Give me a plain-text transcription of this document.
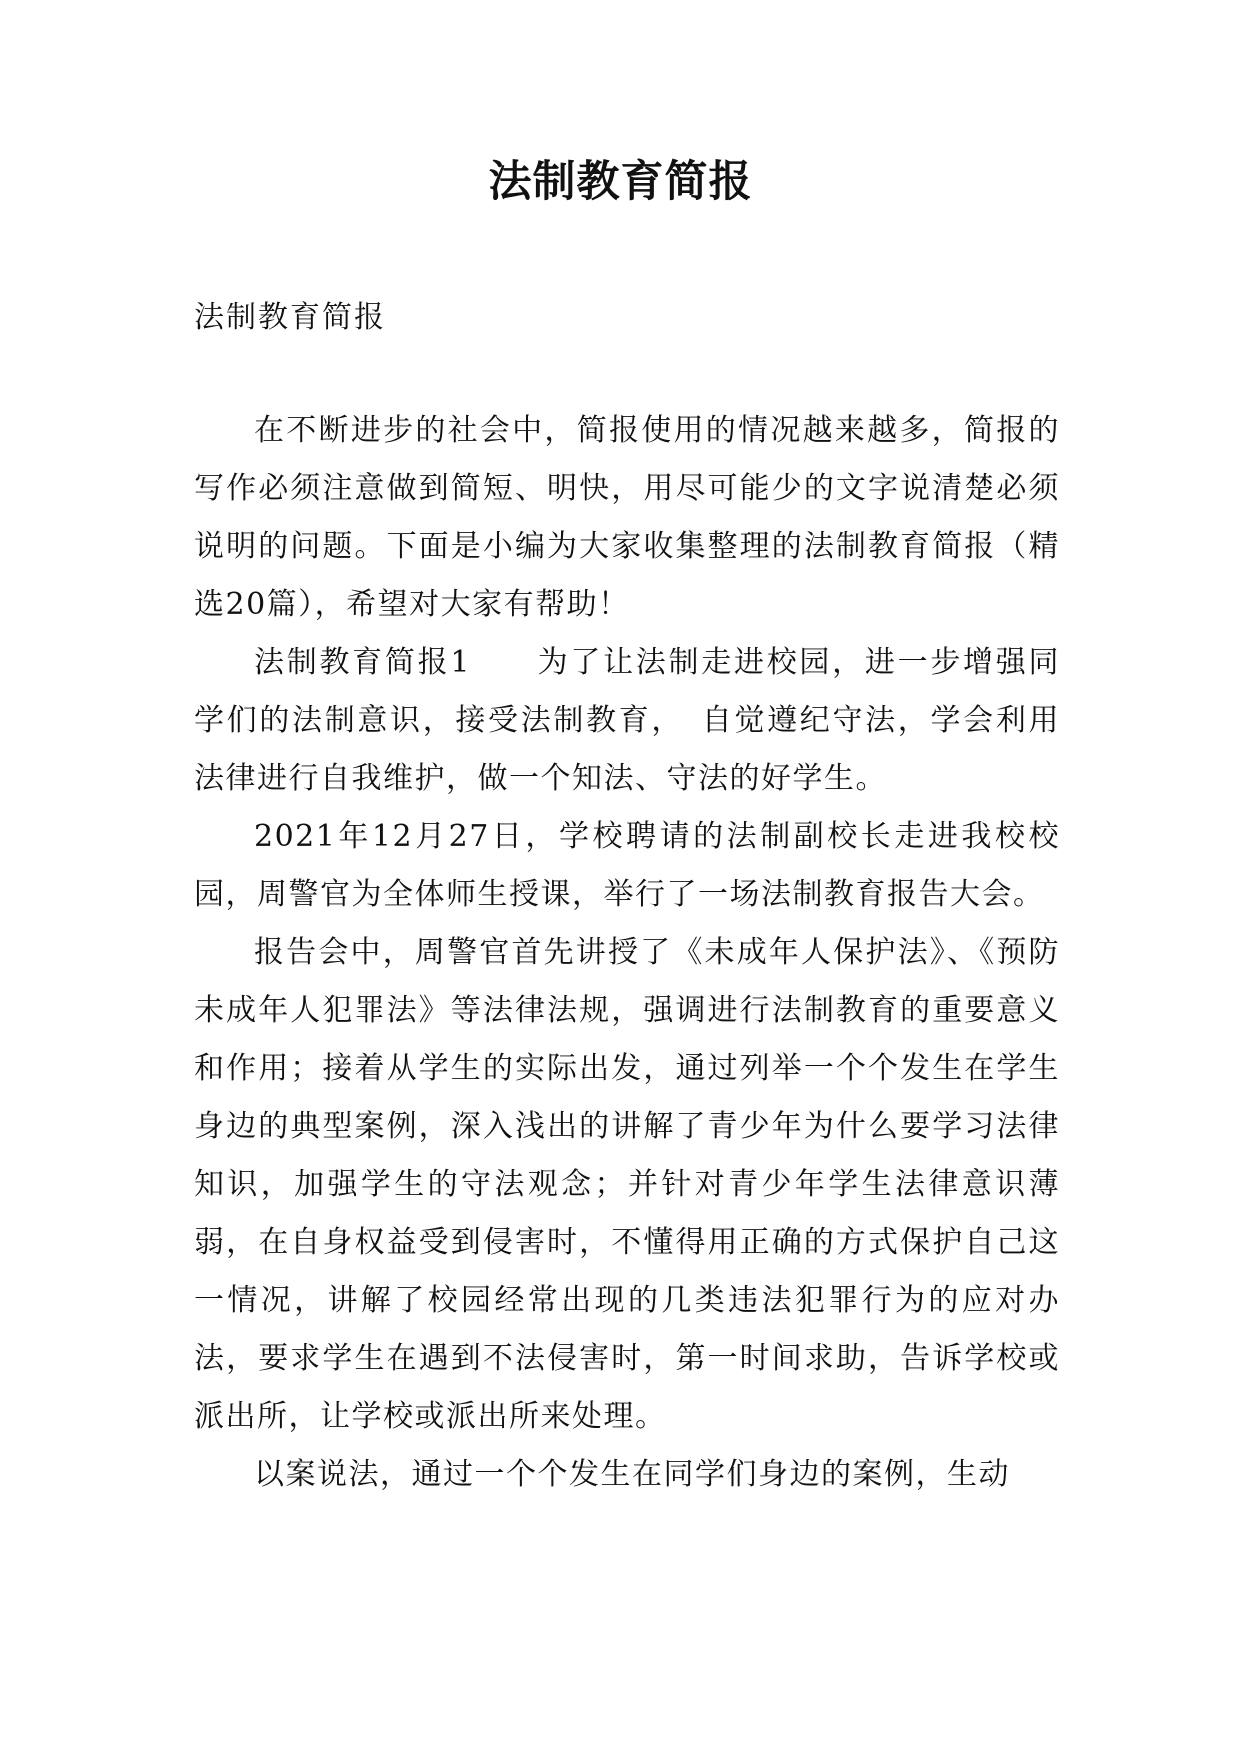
法制教育简报

法制教育简报

在不断进步的社会中，简报使用的情况越来越多，简报的写作必须注意做到简短、明快，用尽可能少的文字说清楚必须说明的问题。下面是小编为大家收集整理的法制教育简报（精选20篇），希望对大家有帮助！

法制教育简报1　　为了让法制走进校园，进一步增强同学们的法制意识，接受法制教育，　自觉遵纪守法，学会利用法律进行自我维护，做一个知法、守法的好学生。

2021年12月27日，学校聘请的法制副校长走进我校校园，周警官为全体师生授课，举行了一场法制教育报告大会。

报告会中，周警官首先讲授了《未成年人保护法》、《预防未成年人犯罪法》等法律法规，强调进行法制教育的重要意义和作用；接着从学生的实际出发，通过列举一个个发生在学生身边的典型案例，深入浅出的讲解了青少年为什么要学习法律知识，加强学生的守法观念；并针对青少年学生法律意识薄弱，在自身权益受到侵害时，不懂得用正确的方式保护自己这一情况，讲解了校园经常出现的几类违法犯罪行为的应对办法，要求学生在遇到不法侵害时，第一时间求助，告诉学校或派出所，让学校或派出所来处理。

以案说法，通过一个个发生在同学们身边的案例，生动
